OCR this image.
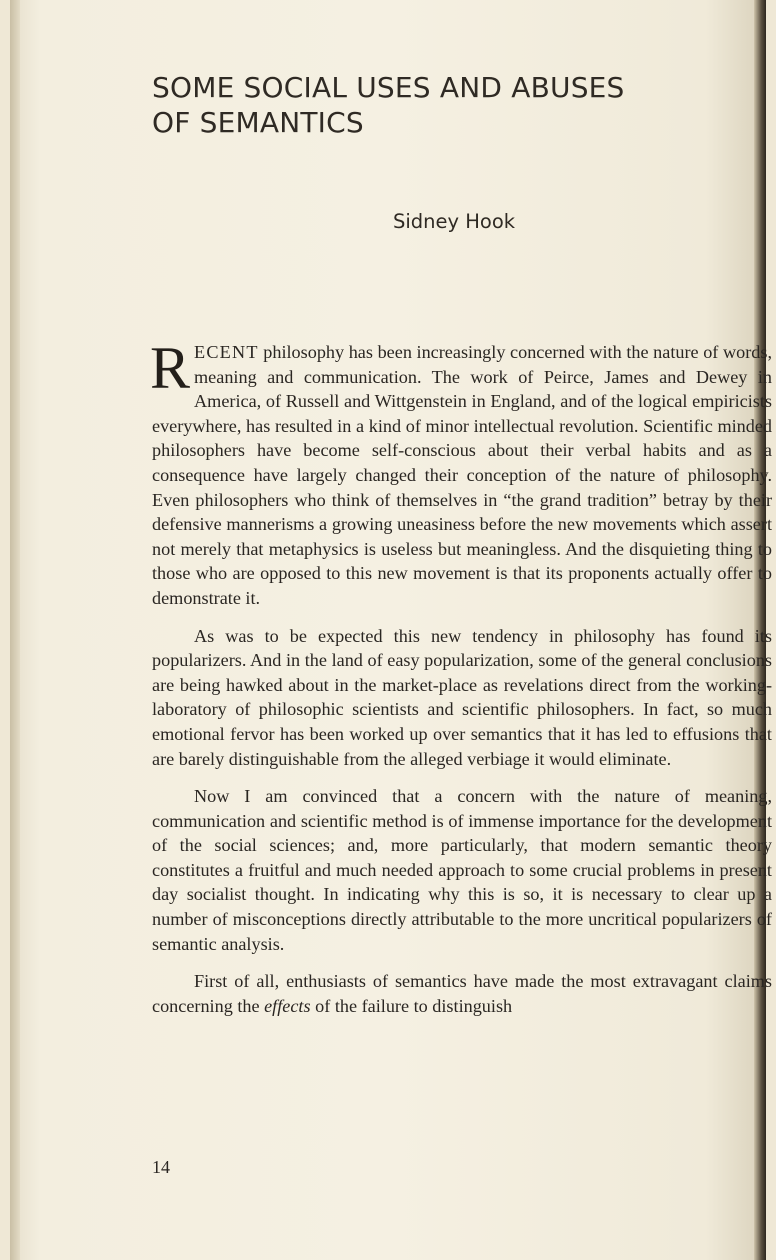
SOME SOCIAL USES AND ABUSES
OF SEMANTICS

Sidney Hook

RECENT philosophy has been increasingly concerned with the nature of words, meaning and communication. The work of Peirce, James and Dewey in America, of Russell and Wittgenstein in England, and of the logical empiricists everywhere, has resulted in a kind of minor intellectual revolution. Scientific minded philosophers have become self-conscious about their verbal habits and as a consequence have largely changed their conception of the nature of philosophy. Even philosophers who think of themselves in “the grand tradition” betray by their defensive mannerisms a growing uneasiness before the new movements which assert not merely that metaphysics is useless but meaningless. And the disquieting thing to those who are opposed to this new movement is that its proponents actually offer to demonstrate it.

As was to be expected this new tendency in philosophy has found its popularizers. And in the land of easy popularization, some of the general conclusions are being hawked about in the market-place as revelations direct from the working-laboratory of philosophic scientists and scientific philosophers. In fact, so much emotional fervor has been worked up over semantics that it has led to effusions that are barely distinguishable from the alleged verbiage it would eliminate.

Now I am convinced that a concern with the nature of meaning, communication and scientific method is of immense importance for the development of the social sciences; and, more particularly, that modern semantic theory constitutes a fruitful and much needed approach to some crucial problems in present day socialist thought. In indicating why this is so, it is necessary to clear up a number of misconceptions directly attributable to the more uncritical popularizers of semantic analysis.

First of all, enthusiasts of semantics have made the most extravagant claims concerning the effects of the failure to distinguish

14
